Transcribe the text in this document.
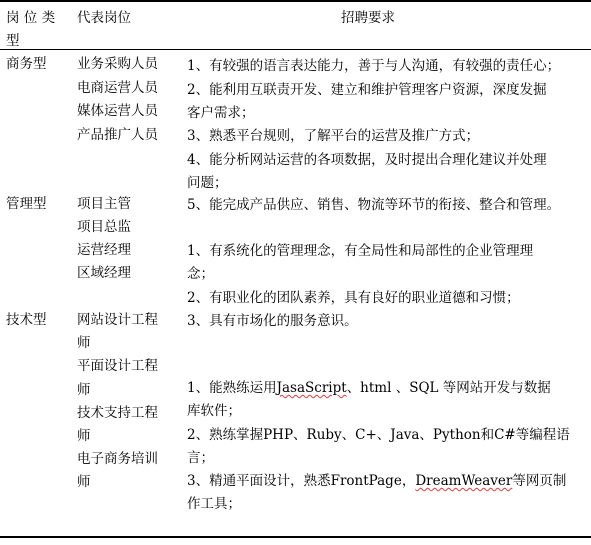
岗 位 类
型
代表岗位	招聘要求
商务型 业务采购人员
电商运营人员
媒体运营人员
产品推广人员
1、有较强的语言表达能力，善于与人沟通，有较强的责任心；
2、能利用互联责开发、建立和维护管理客户资源，深度发掘
客户需求；
3、熟悉平台规则，了解平台的运营及推广方式；
4、能分析网站运营的各项数据，及时提出合理化建议并处理
问题；
管理型 项目主管
项目总监
运营经理
区域经理
5、能完成产品供应、销售、物流等环节的衔接、整合和管理。
1、有系统化的管理理念，有全局性和局部性的企业管理理
念；
2、有职业化的团队素养，具有良好的职业道德和习惯；
技术型 网站设计工程
师
平面设计工程
师
技术支持工程
师
电子商务培训
师
3、具有市场化的服务意识。
1、能熟练运用JasaScript、html 、SQL 等网站开发与数据
库软件；
2、熟练掌握PHP、Ruby、C+、Java、Python和C#等编程语
言；
3、精通平面设计，熟悉FrontPage，DreamWeaver等网页制
作工具；
